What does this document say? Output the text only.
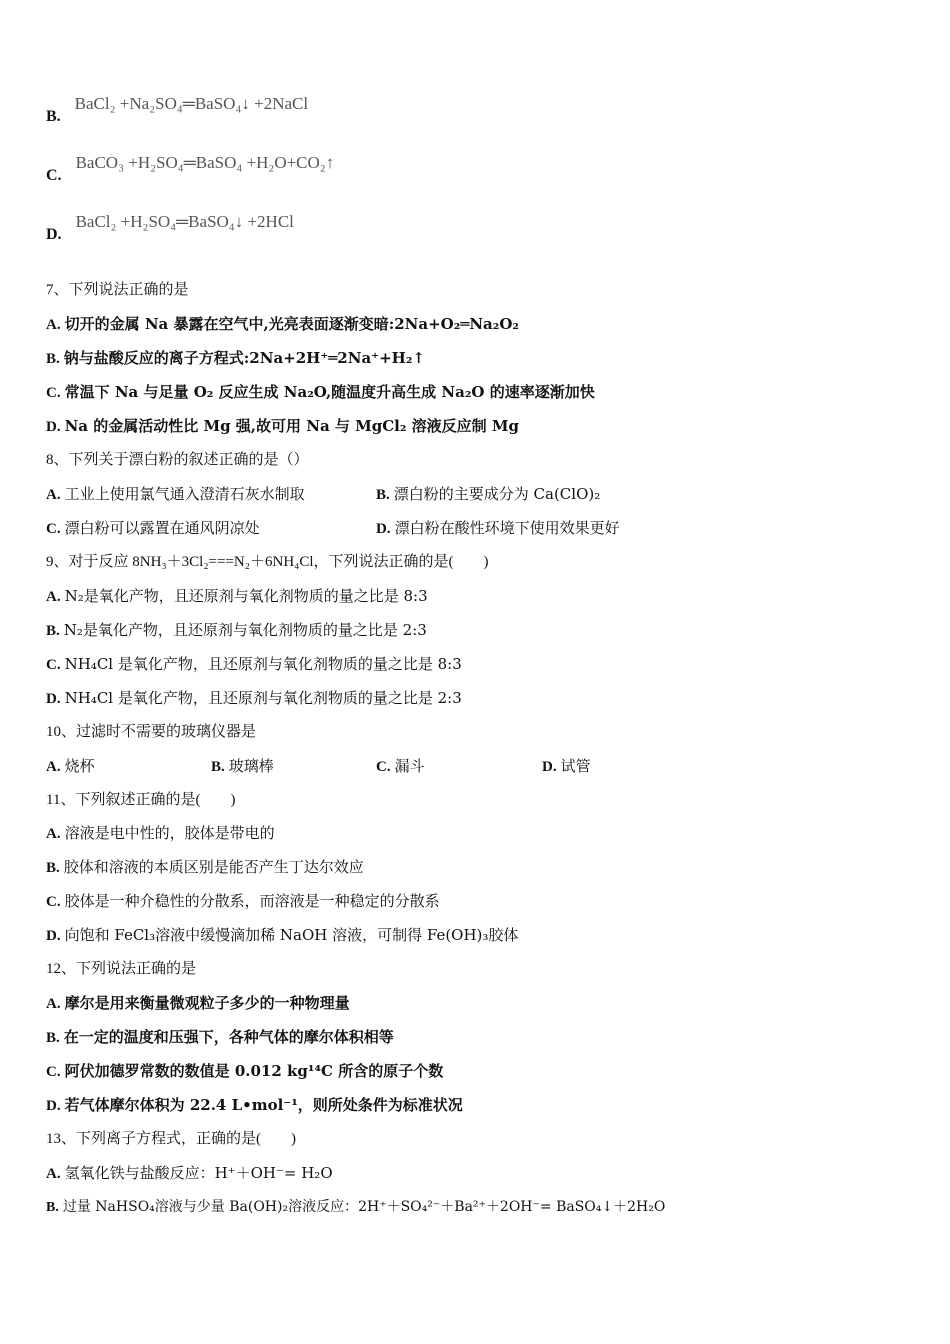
B.BaCl₂ +Na₂SO₄═BaSO₄↓ +2NaCl
C.BaCO₃ +H₂SO₄═BaSO₄ +H₂O+CO₂↑
D.BaCl₂ +H₂SO₄═BaSO₄↓ +2HCl
7、下列说法正确的是
A. 切开的金属 Na 暴露在空气中,光亮表面逐渐变暗:2Na+O₂═Na₂O₂
B. 钠与盐酸反应的离子方程式:2Na+2H⁺═2Na⁺+H₂↑
C. 常温下 Na 与足量 O₂ 反应生成 Na₂O,随温度升高生成 Na₂O 的速率逐渐加快
D. Na 的金属活动性比 Mg 强,故可用 Na 与 MgCl₂ 溶液反应制 Mg
8、下列关于漂白粉的叙述正确的是（）
A. 工业上使用氯气通入澄清石灰水制取	B. 漂白粉的主要成分为 Ca(ClO)₂
C. 漂白粉可以露置在通风阴凉处	D. 漂白粉在酸性环境下使用效果更好
9、对于反应 8NH₃＋3Cl₂===N₂＋6NH₄Cl，下列说法正确的是(　　)
A. N₂是氧化产物，且还原剂与氧化剂物质的量之比是 8:3
B. N₂是氧化产物，且还原剂与氧化剂物质的量之比是 2:3
C. NH₄Cl 是氧化产物，且还原剂与氧化剂物质的量之比是 8:3
D. NH₄Cl 是氧化产物，且还原剂与氧化剂物质的量之比是 2:3
10、过滤时不需要的玻璃仪器是
A. 烧杯	B. 玻璃棒	C. 漏斗	D. 试管
11、下列叙述正确的是(　　)
A. 溶液是电中性的，胶体是带电的
B. 胶体和溶液的本质区别是能否产生丁达尔效应
C. 胶体是一种介稳性的分散系，而溶液是一种稳定的分散系
D. 向饱和 FeCl₃溶液中缓慢滴加稀 NaOH 溶液，可制得 Fe(OH)₃胶体
12、下列说法正确的是
A. 摩尔是用来衡量微观粒子多少的一种物理量
B. 在一定的温度和压强下，各种气体的摩尔体积相等
C. 阿伏加德罗常数的数值是 0.012 kg¹⁴C 所含的原子个数
D. 若气体摩尔体积为 22.4 L•mol⁻¹，则所处条件为标准状况
13、下列离子方程式，正确的是(　　)
A. 氢氧化铁与盐酸反应：H⁺＋OH⁻= H₂O
B. 过量 NaHSO₄溶液与少量 Ba(OH)₂溶液反应：2H⁺＋SO₄²⁻＋Ba²⁺＋2OH⁻= BaSO₄↓＋2H₂O
